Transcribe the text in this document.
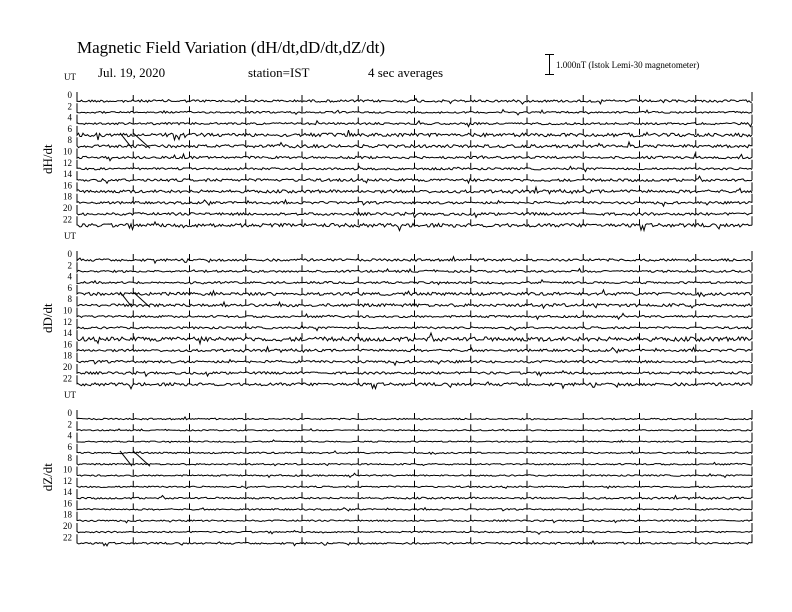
Magnetic Field Variation (dH/dt,dD/dt,dZ/dt)
Jul. 19, 2020	station=IST	4 sec averages	1.000nT (Istok Lemi-30 magnetometer)
UT
dH/dt
0
2
4
6
8
10
12
14
16
18
20
22
UT
dD/dt
0
2
4
6
8
10
12
14
16
18
20
22
UT
dZ/dt
0
2
4
6
8
10
12
14
16
18
20
22
